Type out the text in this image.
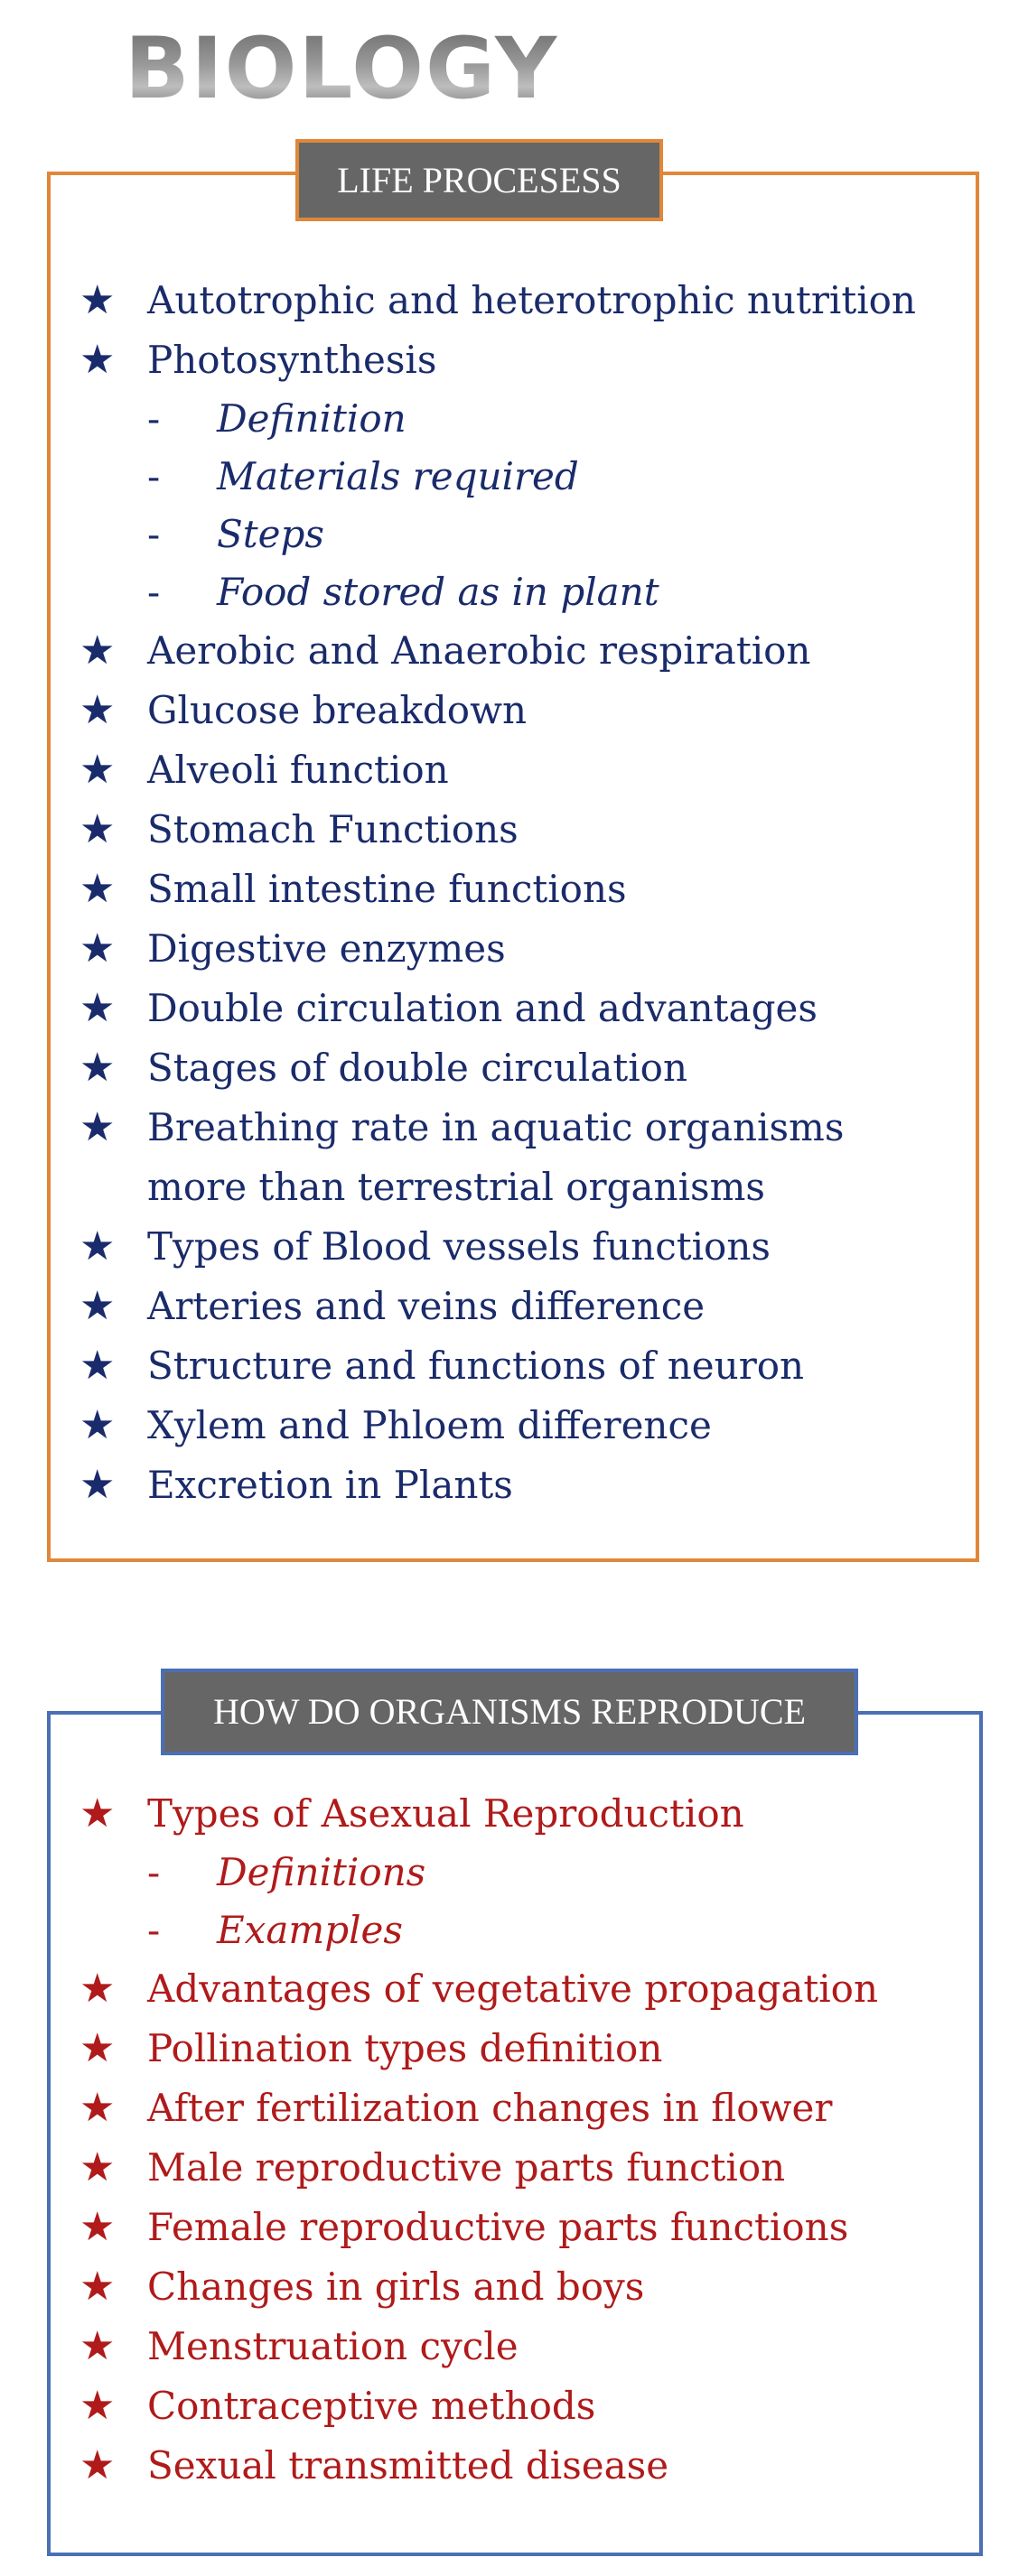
BIOLOGY
LIFE PROCESESS
★ Autotrophic and heterotrophic nutrition
★ Photosynthesis
- Definition
- Materials required
- Steps
- Food stored as in plant
★ Aerobic and Anaerobic respiration
★ Glucose breakdown
★ Alveoli function
★ Stomach Functions
★ Small intestine functions
★ Digestive enzymes
★ Double circulation and advantages
★ Stages of double circulation
★ Breathing rate in aquatic organisms
more than terrestrial organisms
★ Types of Blood vessels functions
★ Arteries and veins difference
★ Structure and functions of neuron
★ Xylem and Phloem difference
★ Excretion in Plants
HOW DO ORGANISMS REPRODUCE
★ Types of Asexual Reproduction
- Definitions
- Examples
★ Advantages of vegetative propagation
★ Pollination types definition
★ After fertilization changes in flower
★ Male reproductive parts function
★ Female reproductive parts functions
★ Changes in girls and boys
★ Menstruation cycle
★ Contraceptive methods
★ Sexual transmitted disease
